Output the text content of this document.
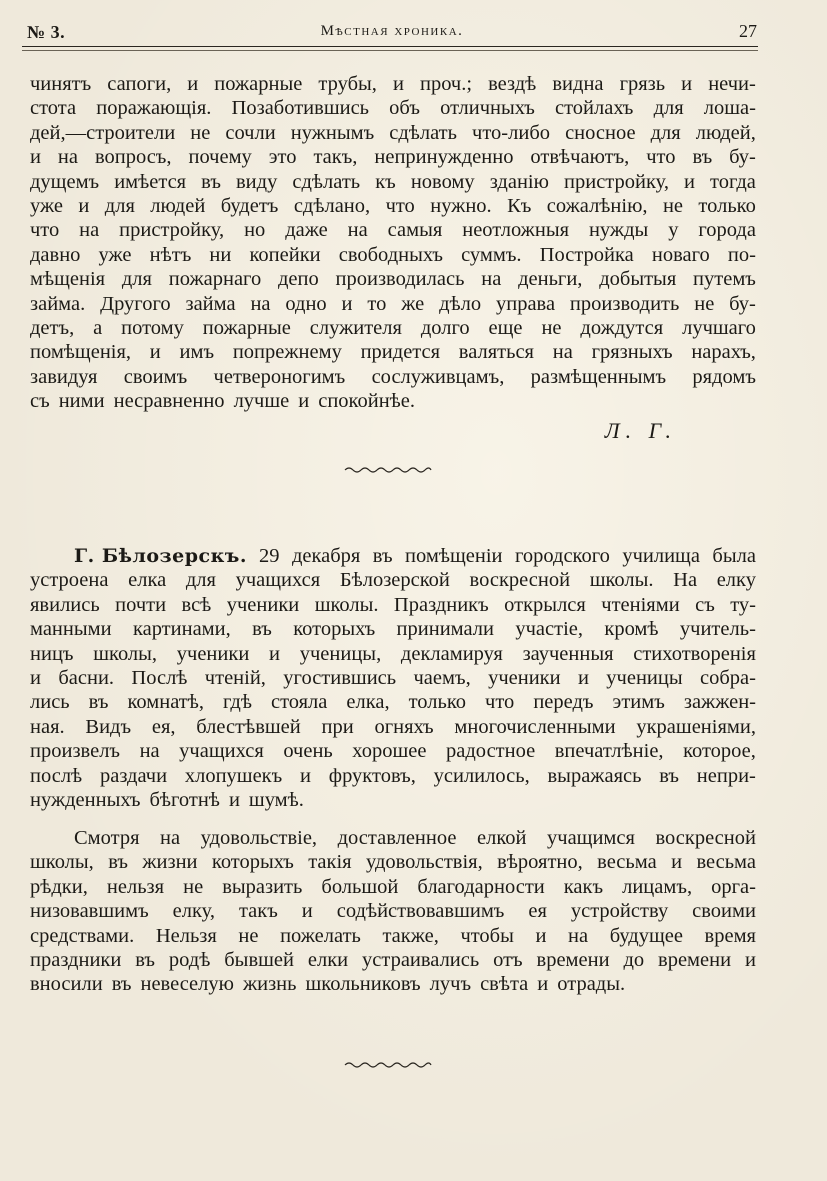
№ 3.	Мѣстная хроника.	27
чинятъ сапоги, и пожарные трубы, и проч.; вездѣ видна грязь и нечи-
стота поражающія. Позаботившись объ отличныхъ стойлахъ для лоша-
дей,—строители не сочли нужнымъ сдѣлать что-либо сносное для людей,
и на вопросъ, почему это такъ, непринужденно отвѣчаютъ, что въ бу-
дущемъ имѣется въ виду сдѣлать къ новому зданію пристройку, и тогда
уже и для людей будетъ сдѣлано, что нужно. Къ сожалѣнію, не только
что на пристройку, но даже на самыя неотложныя нужды у города
давно уже нѣтъ ни копейки свободныхъ суммъ. Постройка новаго по-
мѣщенія для пожарнаго депо производилась на деньги, добытыя путемъ
займа. Другого займа на одно и то же дѣло управа производить не бу-
детъ, а потому пожарные служителя долго еще не дождутся лучшаго
помѣщенія, и имъ попрежнему придется валяться на грязныхъ нарахъ,
завидуя своимъ четвероногимъ сослуживцамъ, размѣщеннымъ рядомъ
съ ними несравненно лучше и спокойнѣе.
Л. Г.
Г. Бѣлозерскъ. 29 декабря въ помѣщеніи городского училища была
устроена елка для учащихся Бѣлозерской воскресной школы. На елку
явились почти всѣ ученики школы. Праздникъ открылся чтеніями съ ту-
манными картинами, въ которыхъ принимали участіе, кромѣ учитель-
ницъ школы, ученики и ученицы, декламируя заученныя стихотворенія
и басни. Послѣ чтеній, угостившись чаемъ, ученики и ученицы собра-
лись въ комнатѣ, гдѣ стояла елка, только что передъ этимъ зажжен-
ная. Видъ ея, блестѣвшей при огняхъ многочисленными украшеніями,
произвелъ на учащихся очень хорошее радостное впечатлѣніе, которое,
послѣ раздачи хлопушекъ и фруктовъ, усилилось, выражаясь въ непри-
нужденныхъ бѣготнѣ и шумѣ.
Смотря на удовольствіе, доставленное елкой учащимся воскресной
школы, въ жизни которыхъ такія удовольствія, вѣроятно, весьма и весьма
рѣдки, нельзя не выразить большой благодарности какъ лицамъ, орга-
низовавшимъ елку, такъ и содѣйствовавшимъ ея устройству своими
средствами. Нельзя не пожелать также, чтобы и на будущее время
праздники въ родѣ бывшей елки устраивались отъ времени до времени и
вносили въ невеселую жизнь школьниковъ лучъ свѣта и отрады.
